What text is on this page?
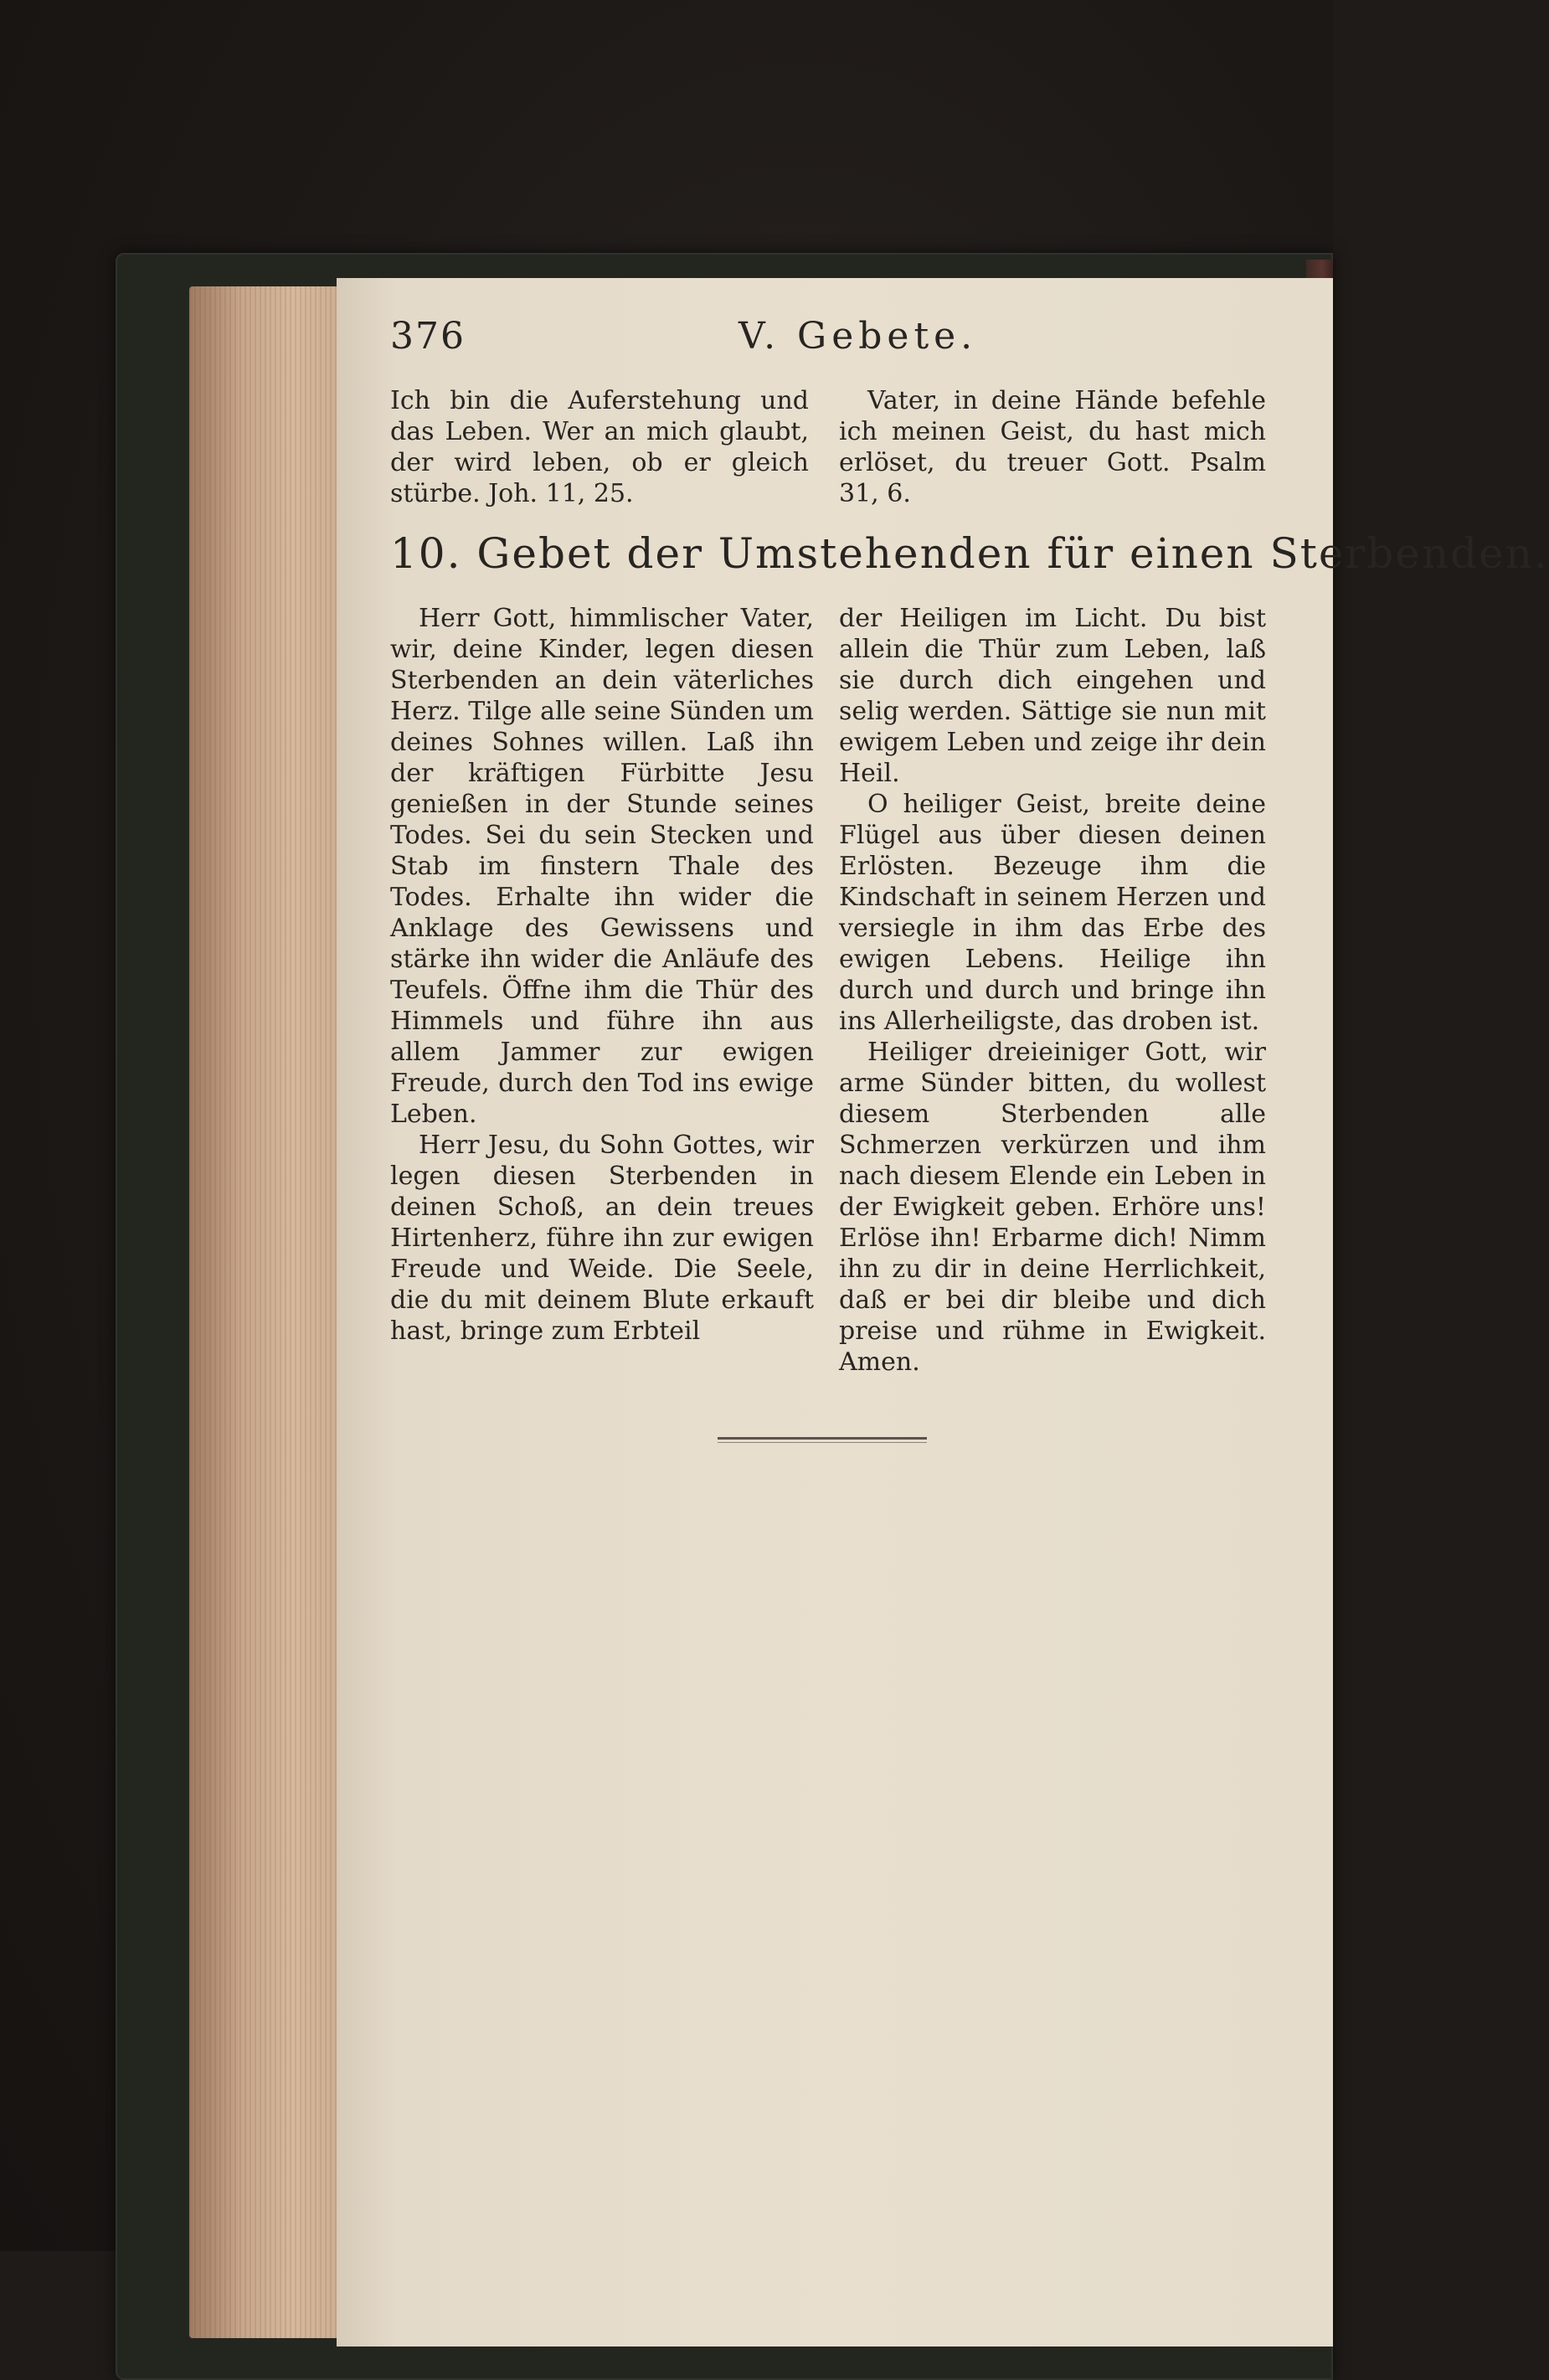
376	V. Gebete.

Ich bin die Auferstehung und das Leben. Wer an mich glaubt, der wird leben, ob er gleich stürbe. Joh. 11, 25.

Vater, in deine Hände befehle ich meinen Geist, du hast mich erlöset, du treuer Gott. Psalm 31, 6.

10. Gebet der Umstehenden für einen Sterbenden.

Herr Gott, himmlischer Vater, wir, deine Kinder, legen diesen Sterbenden an dein väterliches Herz. Tilge alle seine Sünden um deines Sohnes willen. Laß ihn der kräftigen Fürbitte Jesu genießen in der Stunde seines Todes. Sei du sein Stecken und Stab im finstern Thale des Todes. Erhalte ihn wider die Anklage des Gewissens und stärke ihn wider die Anläufe des Teufels. Öffne ihm die Thür des Himmels und führe ihn aus allem Jammer zur ewigen Freude, durch den Tod ins ewige Leben.

Herr Jesu, du Sohn Gottes, wir legen diesen Sterbenden in deinen Schoß, an dein treues Hirtenherz, führe ihn zur ewigen Freude und Weide. Die Seele, die du mit deinem Blute erkauft hast, bringe zum Erbteil

der Heiligen im Licht. Du bist allein die Thür zum Leben, laß sie durch dich eingehen und selig werden. Sättige sie nun mit ewigem Leben und zeige ihr dein Heil.

O heiliger Geist, breite deine Flügel aus über diesen deinen Erlösten. Bezeuge ihm die Kindschaft in seinem Herzen und versiegle in ihm das Erbe des ewigen Lebens. Heilige ihn durch und durch und bringe ihn ins Allerheiligste, das droben ist.

Heiliger dreieiniger Gott, wir arme Sünder bitten, du wollest diesem Sterbenden alle Schmerzen verkürzen und ihm nach diesem Elende ein Leben in der Ewigkeit geben. Erhöre uns! Erlöse ihn! Erbarme dich! Nimm ihn zu dir in deine Herrlichkeit, daß er bei dir bleibe und dich preise und rühme in Ewigkeit. Amen.
